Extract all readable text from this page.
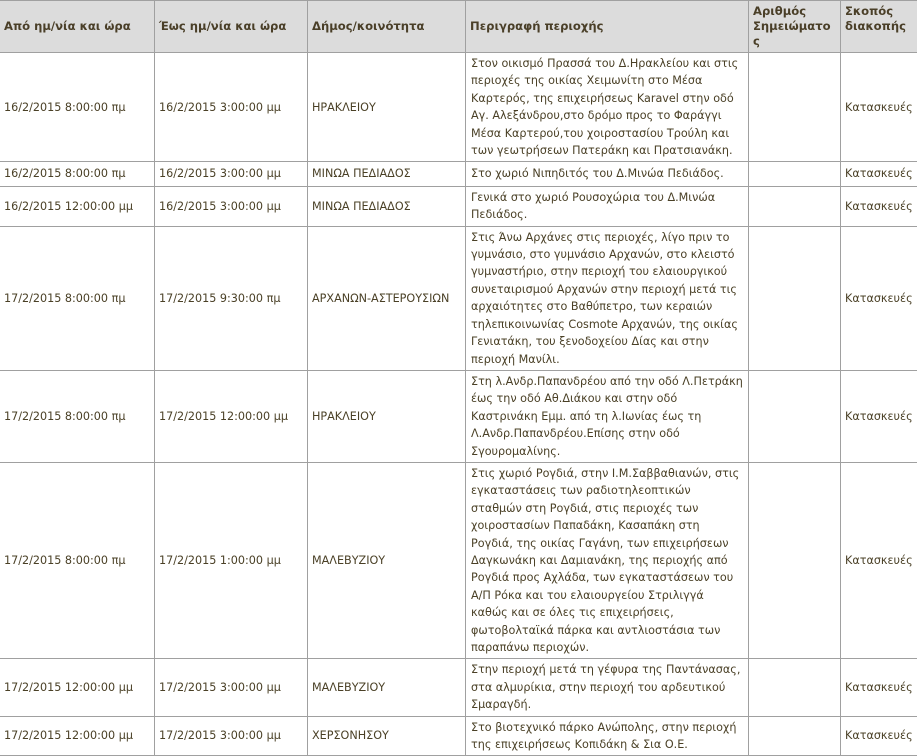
Από ημ/νία και ώρα	Έως ημ/νία και ώρα	Δήμος/κοινότητα	Περιγραφή περιοχής	Αριθμός Σημειώματος	Σκοπός διακοπής
16/2/2015 8:00:00 πμ	16/2/2015 3:00:00 μμ	ΗΡΑΚΛΕΙΟΥ	Στον οικισμό Πρασσά του Δ.Ηρακλείου και στις περιοχές της οικίας Χειμωνίτη στο Μέσα Καρτερός, της επιχειρήσεως Karavel στην οδό Αγ. Αλεξάνδρου,στο δρόμο προς το Φαράγγι Μέσα Καρτερού,του χοιροστασίου Τρούλη και των γεωτρήσεων Πατεράκη και Πρατσιανάκη.		Κατασκευές
16/2/2015 8:00:00 πμ	16/2/2015 3:00:00 μμ	ΜΙΝΩΑ ΠΕΔΙΑΔΟΣ	Στο χωριό Νιπηδιτός του Δ.Μινώα Πεδιάδος.		Κατασκευές
16/2/2015 12:00:00 μμ	16/2/2015 3:00:00 μμ	ΜΙΝΩΑ ΠΕΔΙΑΔΟΣ	Γενικά στο χωριό Ρουσοχώρια του Δ.Μινώα Πεδιάδος.		Κατασκευές
17/2/2015 8:00:00 πμ	17/2/2015 9:30:00 πμ	ΑΡΧΑΝΩΝ-ΑΣΤΕΡΟΥΣΙΩΝ	Στις Άνω Αρχάνες στις περιοχές, λίγο πριν το γυμνάσιο, στο γυμνάσιο Αρχανών, στο κλειστό γυμναστήριο, στην περιοχή του ελαιουργικού συνεταιρισμού Αρχανών στην περιοχή μετά τις αρχαιότητες στο Βαθύπετρο, των κεραιών τηλεπικοινωνίας Cosmote Αρχανών, της οικίας Γενιατάκη, του ξενοδοχείου Δίας και στην περιοχή Μανίλι.		Κατασκευές
17/2/2015 8:00:00 πμ	17/2/2015 12:00:00 μμ	ΗΡΑΚΛΕΙΟΥ	Στη λ.Ανδρ.Παπανδρέου από την οδό Λ.Πετράκη έως την οδό Αθ.Διάκου και στην οδό Καστρινάκη Εμμ. από τη λ.Ιωνίας έως τη Λ.Ανδρ.Παπανδρέου.Επίσης στην οδό Σγουρομαλίνης.		Κατασκευές
17/2/2015 8:00:00 πμ	17/2/2015 1:00:00 μμ	ΜΑΛΕΒΥΖΙΟΥ	Στις χωριό Ρογδιά, στην Ι.Μ.Σαββαθιανών, στις εγκαταστάσεις των ραδιοτηλεοπτικών σταθμών στη Ρογδιά, στις περιοχές των χοιροστασίων Παπαδάκη, Κασαπάκη στη Ρογδιά, της οικίας Γαγάνη, των επιχειρήσεων Δαγκωνάκη και Δαμιανάκη, της περιοχής από Ρογδιά προς Αχλάδα, των εγκαταστάσεων του Α/Π Ρόκα και του ελαιουργείου Στριλιγγά καθώς και σε όλες τις επιχειρήσεις, φωτοβολταϊκά πάρκα και αντλιοστάσια των παραπάνω περιοχών.		Κατασκευές
17/2/2015 12:00:00 μμ	17/2/2015 3:00:00 μμ	ΜΑΛΕΒΥΖΙΟΥ	Στην περιοχή μετά τη γέφυρα της Παντάνασας, στα αλμυρίκια, στην περιοχή του αρδευτικού Σμαραγδή.		Κατασκευές
17/2/2015 12:00:00 μμ	17/2/2015 3:00:00 μμ	ΧΕΡΣΟΝΗΣΟΥ	Στο βιοτεχνικό πάρκο Ανώπολης, στην περιοχή της επιχειρήσεως Κοπιδάκη & Σια Ο.Ε.		Κατασκευές
